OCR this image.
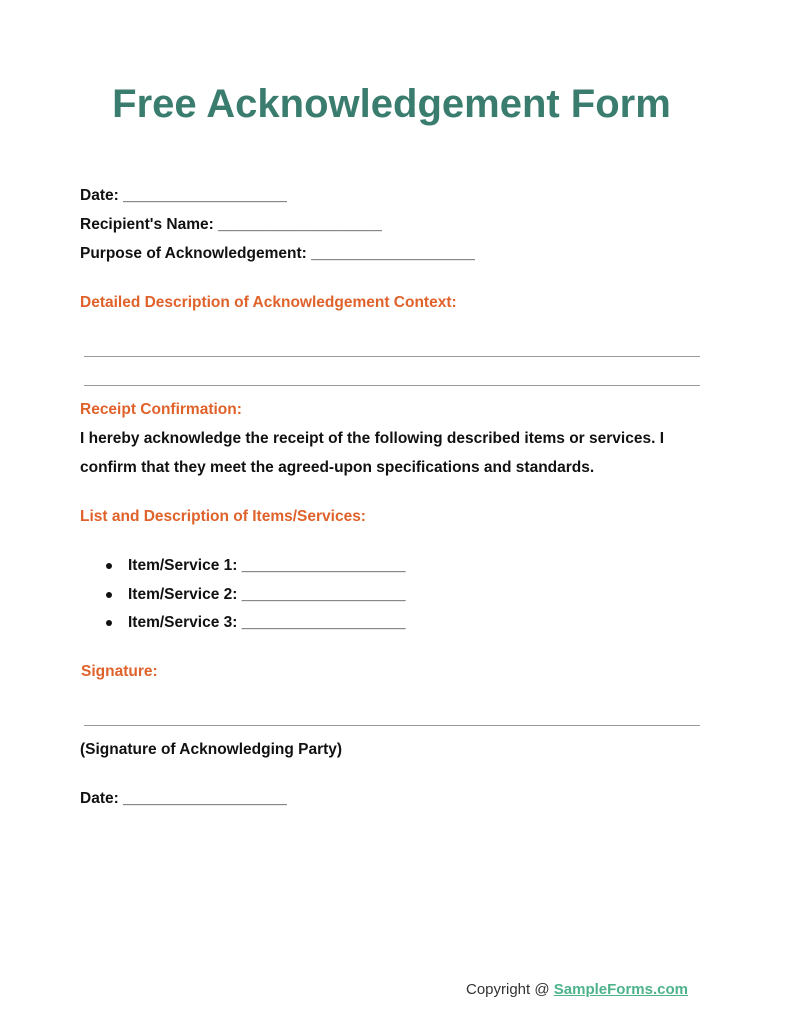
Free Acknowledgement Form
Date: ___________________
Recipient's Name: ___________________
Purpose of Acknowledgement: ___________________
Detailed Description of Acknowledgement Context:
Receipt Confirmation:
I hereby acknowledge the receipt of the following described items or services. I
confirm that they meet the agreed-upon specifications and standards.
List and Description of Items/Services:
Item/Service 1: ___________________
Item/Service 2: ___________________
Item/Service 3: ___________________
Signature:
(Signature of Acknowledging Party)
Date: ___________________
Copyright @ SampleForms.com
